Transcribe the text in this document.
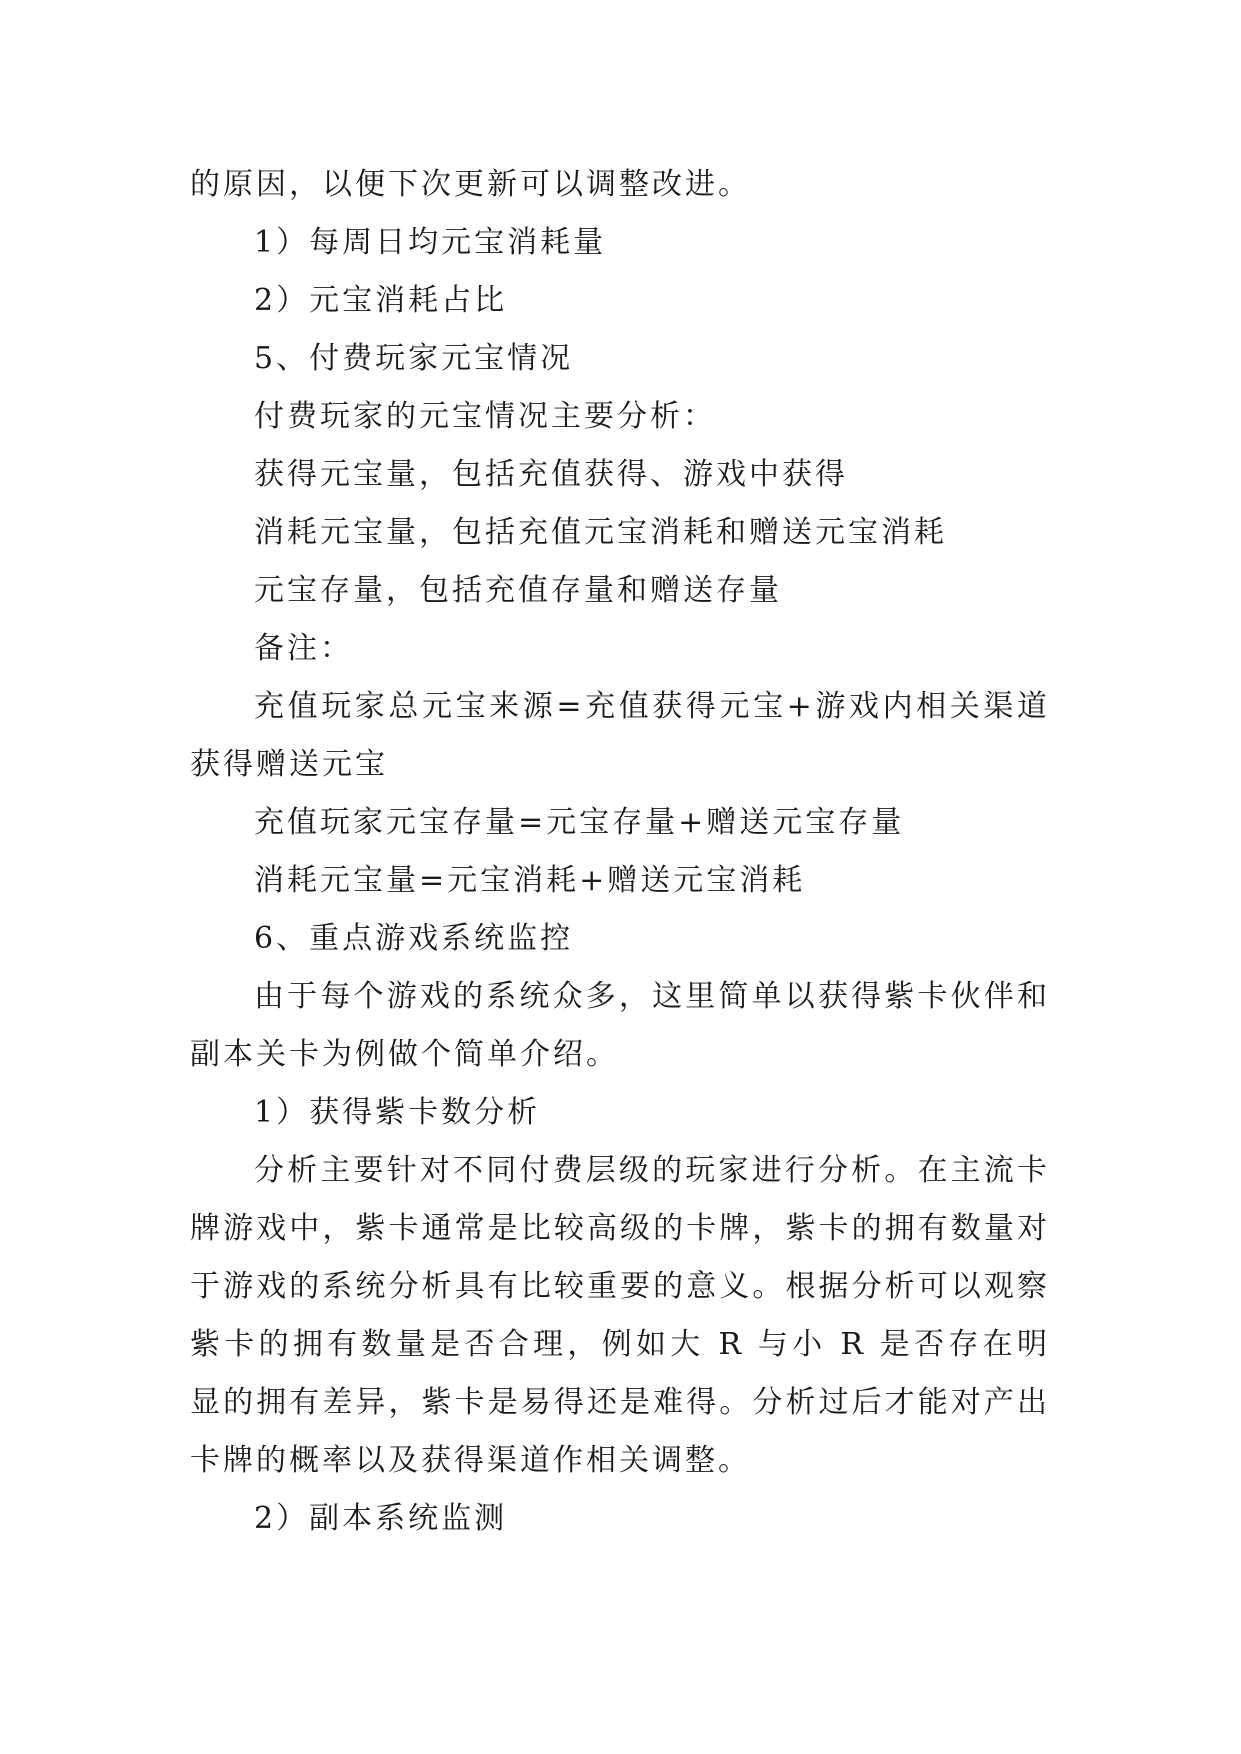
的原因，以便下次更新可以调整改进。

1）每周日均元宝消耗量

2）元宝消耗占比

5、付费玩家元宝情况

付费玩家的元宝情况主要分析：

获得元宝量，包括充值获得、游戏中获得

消耗元宝量，包括充值元宝消耗和赠送元宝消耗

元宝存量，包括充值存量和赠送存量

备注：

充值玩家总元宝来源=充值获得元宝+游戏内相关渠道获得赠送元宝

充值玩家元宝存量=元宝存量+赠送元宝存量

消耗元宝量=元宝消耗+赠送元宝消耗

6、重点游戏系统监控

由于每个游戏的系统众多，这里简单以获得紫卡伙伴和副本关卡为例做个简单介绍。

1）获得紫卡数分析

分析主要针对不同付费层级的玩家进行分析。在主流卡牌游戏中，紫卡通常是比较高级的卡牌，紫卡的拥有数量对于游戏的系统分析具有比较重要的意义。根据分析可以观察紫卡的拥有数量是否合理，例如大 R 与小 R 是否存在明显的拥有差异，紫卡是易得还是难得。分析过后才能对产出卡牌的概率以及获得渠道作相关调整。

2）副本系统监测
